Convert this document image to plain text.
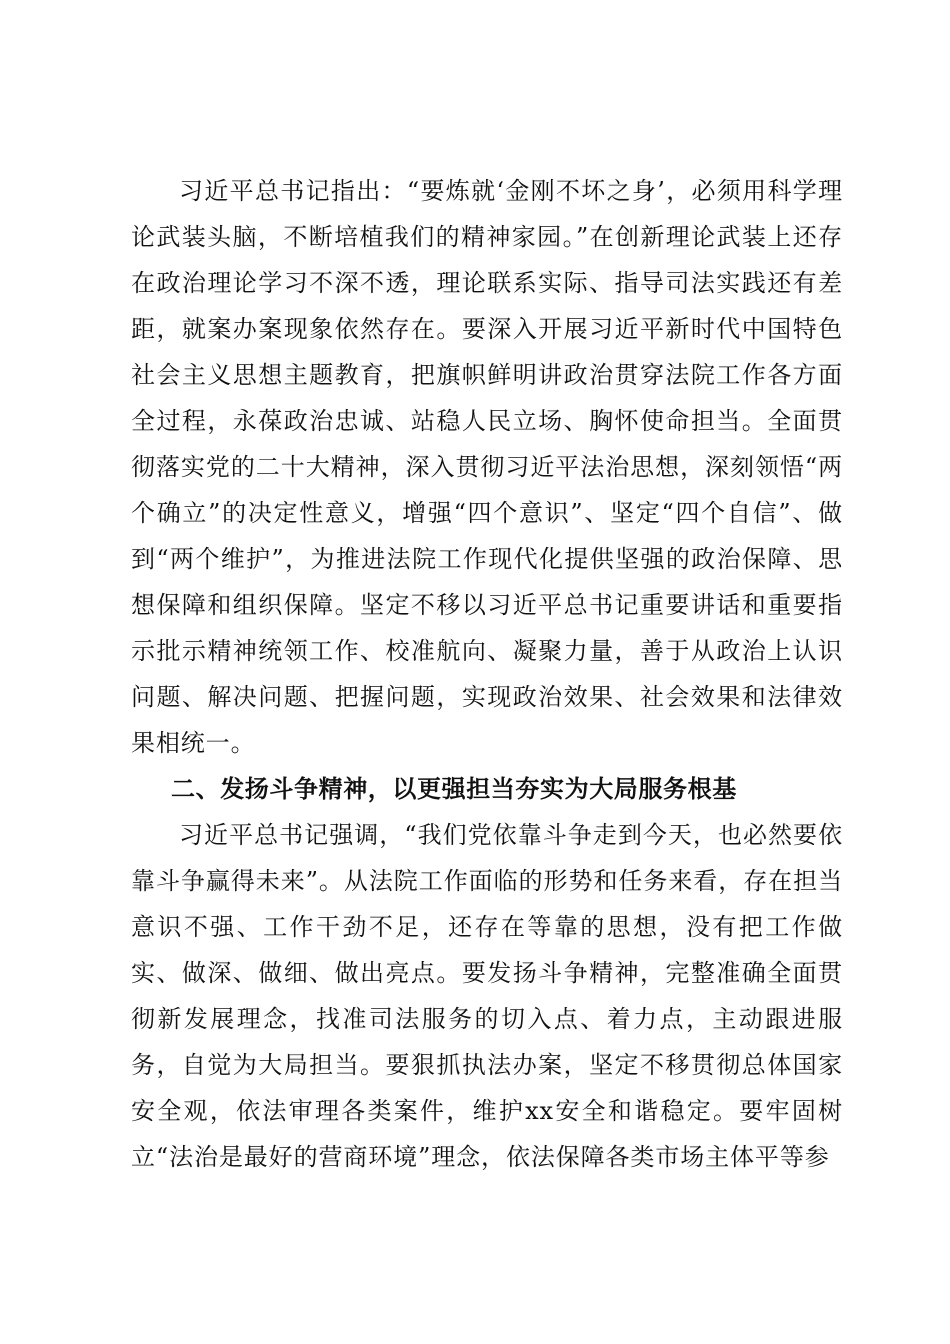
习近平总书记指出：“要炼就‘金刚不坏之身’，必须用科学理论武装头脑，不断培植我们的精神家园。”在创新理论武装上还存在政治理论学习不深不透，理论联系实际、指导司法实践还有差距，就案办案现象依然存在。要深入开展习近平新时代中国特色社会主义思想主题教育，把旗帜鲜明讲政治贯穿法院工作各方面全过程，永葆政治忠诚、站稳人民立场、胸怀使命担当。全面贯彻落实党的二十大精神，深入贯彻习近平法治思想，深刻领悟“两个确立”的决定性意义，增强“四个意识”、坚定“四个自信”、做到“两个维护”，为推进法院工作现代化提供坚强的政治保障、思想保障和组织保障。坚定不移以习近平总书记重要讲话和重要指示批示精神统领工作、校准航向、凝聚力量，善于从政治上认识问题、解决问题、把握问题，实现政治效果、社会效果和法律效果相统一。

二、发扬斗争精神，以更强担当夯实为大局服务根基

习近平总书记强调，“我们党依靠斗争走到今天，也必然要依靠斗争赢得未来”。从法院工作面临的形势和任务来看，存在担当意识不强、工作干劲不足，还存在等靠的思想，没有把工作做实、做深、做细、做出亮点。要发扬斗争精神，完整准确全面贯彻新发展理念，找准司法服务的切入点、着力点，主动跟进服务，自觉为大局担当。要狠抓执法办案，坚定不移贯彻总体国家安全观，依法审理各类案件，维护xx安全和谐稳定。要牢固树立“法治是最好的营商环境”理念，依法保障各类市场主体平等参
